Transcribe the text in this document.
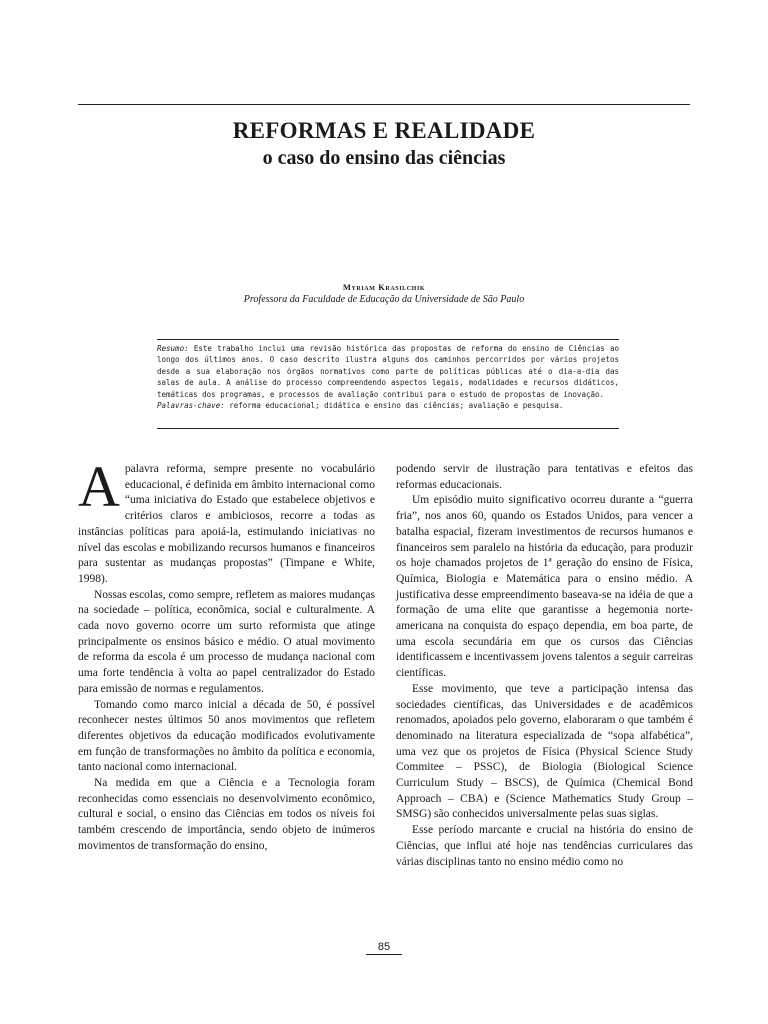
REFORMAS E REALIDADE
o caso do ensino das ciências
Myriam Krasilchik
Professora da Faculdade de Educação da Universidade de São Paulo
Resumo: Este trabalho inclui uma revisão histórica das propostas de reforma do ensino de Ciências ao longo dos últimos anos. O caso descrito ilustra alguns dos caminhos percorridos por vários projetos desde a sua elaboração nos órgãos normativos como parte de políticas públicas até o dia-a-dia das salas de aula. A análise do processo compreendendo aspectos legais, modalidades e recursos didáticos, temáticas dos programas, e processos de avaliação contribui para o estudo de propostas de inovação.
Palavras-chave: reforma educacional; didática e ensino das ciências; avaliação e pesquisa.

Apalavra reforma, sempre presente no vocabulário educacional, é definida em âmbito internacional como “uma iniciativa do Estado que estabelece objetivos e critérios claros e ambiciosos, recorre a todas as instâncias políticas para apoiá-la, estimulando iniciativas no nível das escolas e mobilizando recursos humanos e financeiros para sustentar as mudanças propostas” (Timpane e White, 1998).

Nossas escolas, como sempre, refletem as maiores mudanças na sociedade – política, econômica, social e culturalmente. A cada novo governo ocorre um surto reformista que atinge principalmente os ensinos básico e médio. O atual movimento de reforma da escola é um processo de mudança nacional com uma forte tendência à volta ao papel centralizador do Estado para emissão de normas e regulamentos.

Tomando como marco inicial a década de 50, é possível reconhecer nestes últimos 50 anos movimentos que refletem diferentes objetivos da educação modificados evolutivamente em função de transformações no âmbito da política e economia, tanto nacional como internacional.

Na medida em que a Ciência e a Tecnologia foram reconhecidas como essenciais no desenvolvimento econômico, cultural e social, o ensino das Ciências em todos os níveis foi também crescendo de importância, sendo objeto de inúmeros movimentos de transformação do ensino,

podendo servir de ilustração para tentativas e efeitos das reformas educacionais.

Um episódio muito significativo ocorreu durante a “guerra fria”, nos anos 60, quando os Estados Unidos, para vencer a batalha espacial, fizeram investimentos de recursos humanos e financeiros sem paralelo na história da educação, para produzir os hoje chamados projetos de 1ª geração do ensino de Física, Química, Biologia e Matemática para o ensino médio. A justificativa desse empreendimento baseava-se na idéia de que a formação de uma elite que garantisse a hegemonia norte-americana na conquista do espaço dependia, em boa parte, de uma escola secundária em que os cursos das Ciências identificassem e incentivassem jovens talentos a seguir carreiras científicas.

Esse movimento, que teve a participação intensa das sociedades científicas, das Universidades e de acadêmicos renomados, apoiados pelo governo, elaboraram o que também é denominado na literatura especializada de “sopa alfabética”, uma vez que os projetos de Física (Physical Science Study Commitee – PSSC), de Biologia (Biological Science Curriculum Study – BSCS), de Química (Chemical Bond Approach – CBA) e (Science Mathematics Study Group – SMSG) são conhecidos universalmente pelas suas siglas.

Esse período marcante e crucial na história do ensino de Ciências, que influi até hoje nas tendências curriculares das várias disciplinas tanto no ensino médio como no

85
